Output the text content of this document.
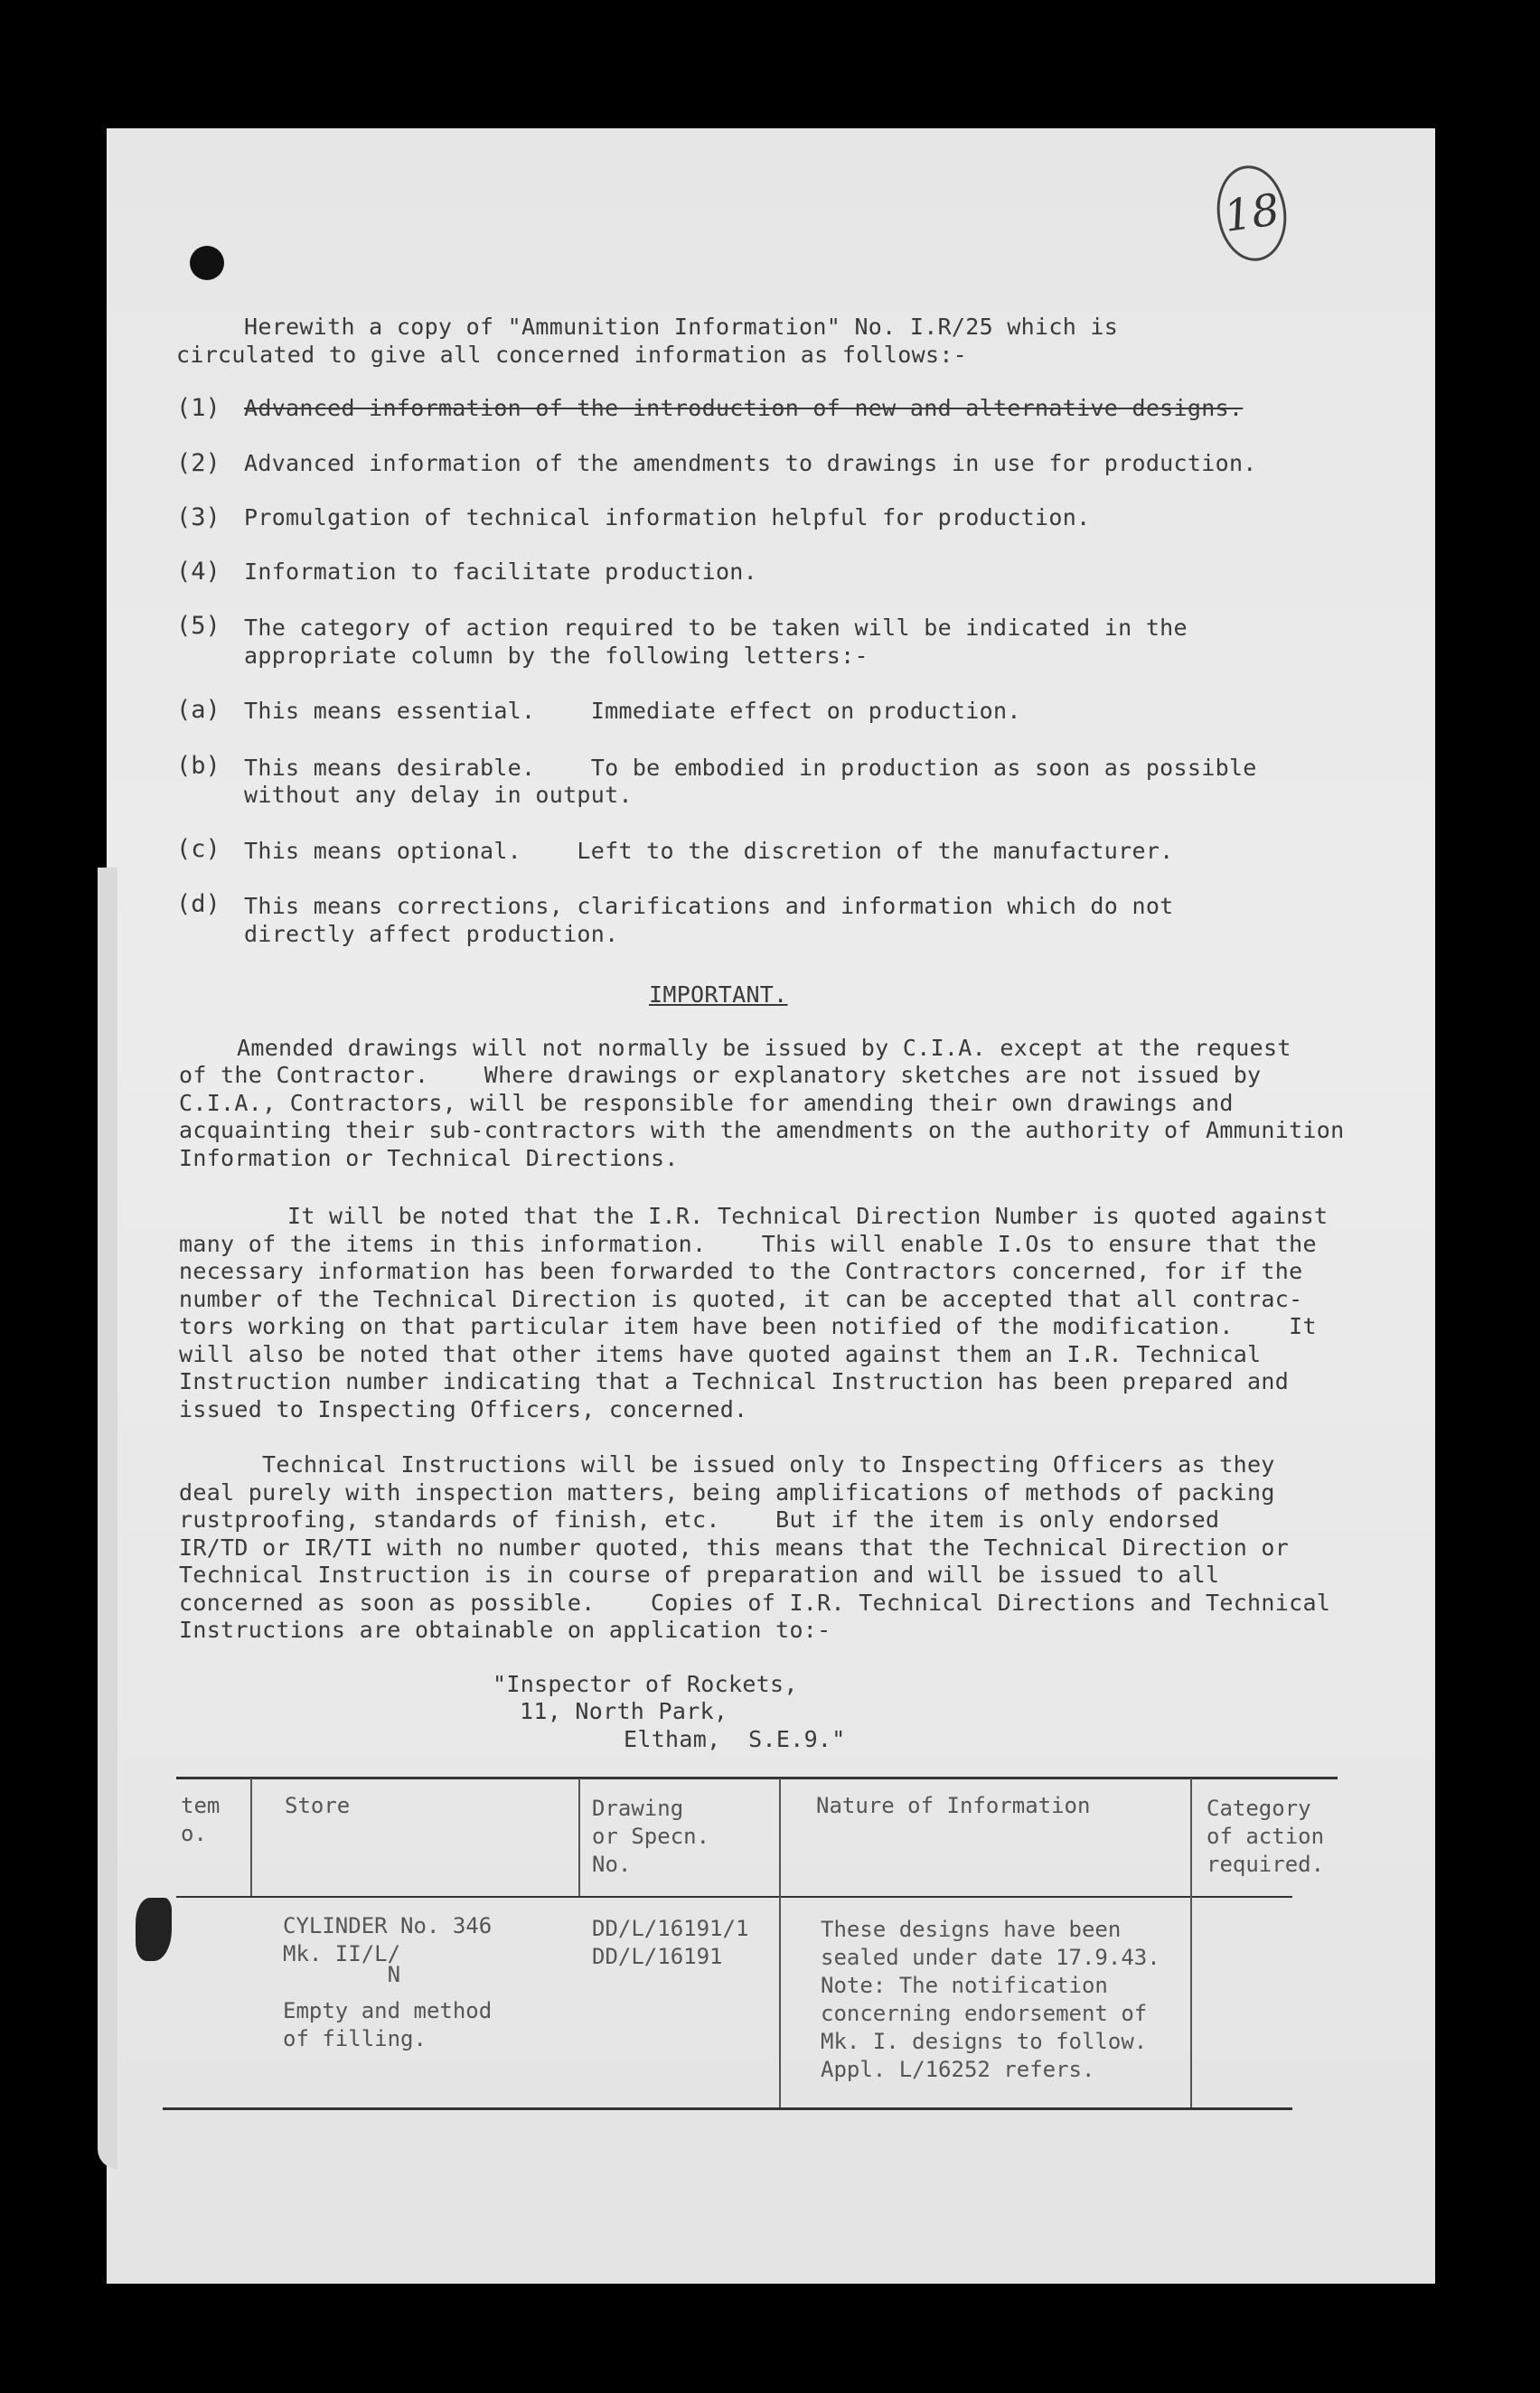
18
Herewith a copy of "Ammunition Information" No. I.R/25 which is
circulated to give all concerned information as follows:-
(1) Advanced information of the introduction of new and alternative designs.
(2) Advanced information of the amendments to drawings in use for production.
(3) Promulgation of technical information helpful for production.
(4) Information to facilitate production.
(5) The category of action required to be taken will be indicated in the
appropriate column by the following letters:-
(a) This means essential.    Immediate effect on production.
(b) This means desirable.    To be embodied in production as soon as possible
without any delay in output.
(c) This means optional.    Left to the discretion of the manufacturer.
(d) This means corrections, clarifications and information which do not
directly affect production.
IMPORTANT.
Amended drawings will not normally be issued by C.I.A. except at the request
of the Contractor.    Where drawings or explanatory sketches are not issued by
C.I.A., Contractors, will be responsible for amending their own drawings and
acquainting their sub-contractors with the amendments on the authority of Ammunition
Information or Technical Directions.
It will be noted that the I.R. Technical Direction Number is quoted against
many of the items in this information.    This will enable I.Os to ensure that the
necessary information has been forwarded to the Contractors concerned, for if the
number of the Technical Direction is quoted, it can be accepted that all contrac-
tors working on that particular item have been notified of the modification.    It
will also be noted that other items have quoted against them an I.R. Technical
Instruction number indicating that a Technical Instruction has been prepared and
issued to Inspecting Officers, concerned.
Technical Instructions will be issued only to Inspecting Officers as they
deal purely with inspection matters, being amplifications of methods of packing
rustproofing, standards of finish, etc.    But if the item is only endorsed
IR/TD or IR/TI with no number quoted, this means that the Technical Direction or
Technical Instruction is in course of preparation and will be issued to all
concerned as soon as possible.    Copies of I.R. Technical Directions and Technical
Instructions are obtainable on application to:-
"Inspector of Rockets,
11, North Park,
Eltham,  S.E.9."
tem
o.
Store	Drawing
or Specn.
No.
Nature of Information	Category
of action
required.
CYLINDER No. 346
Mk. II/L/
N
Empty and method
of filling.
DD/L/16191/1
DD/L/16191
These designs have been
sealed under date 17.9.43.
Note: The notification
concerning endorsement of
Mk. I. designs to follow.
Appl. L/16252 refers.
